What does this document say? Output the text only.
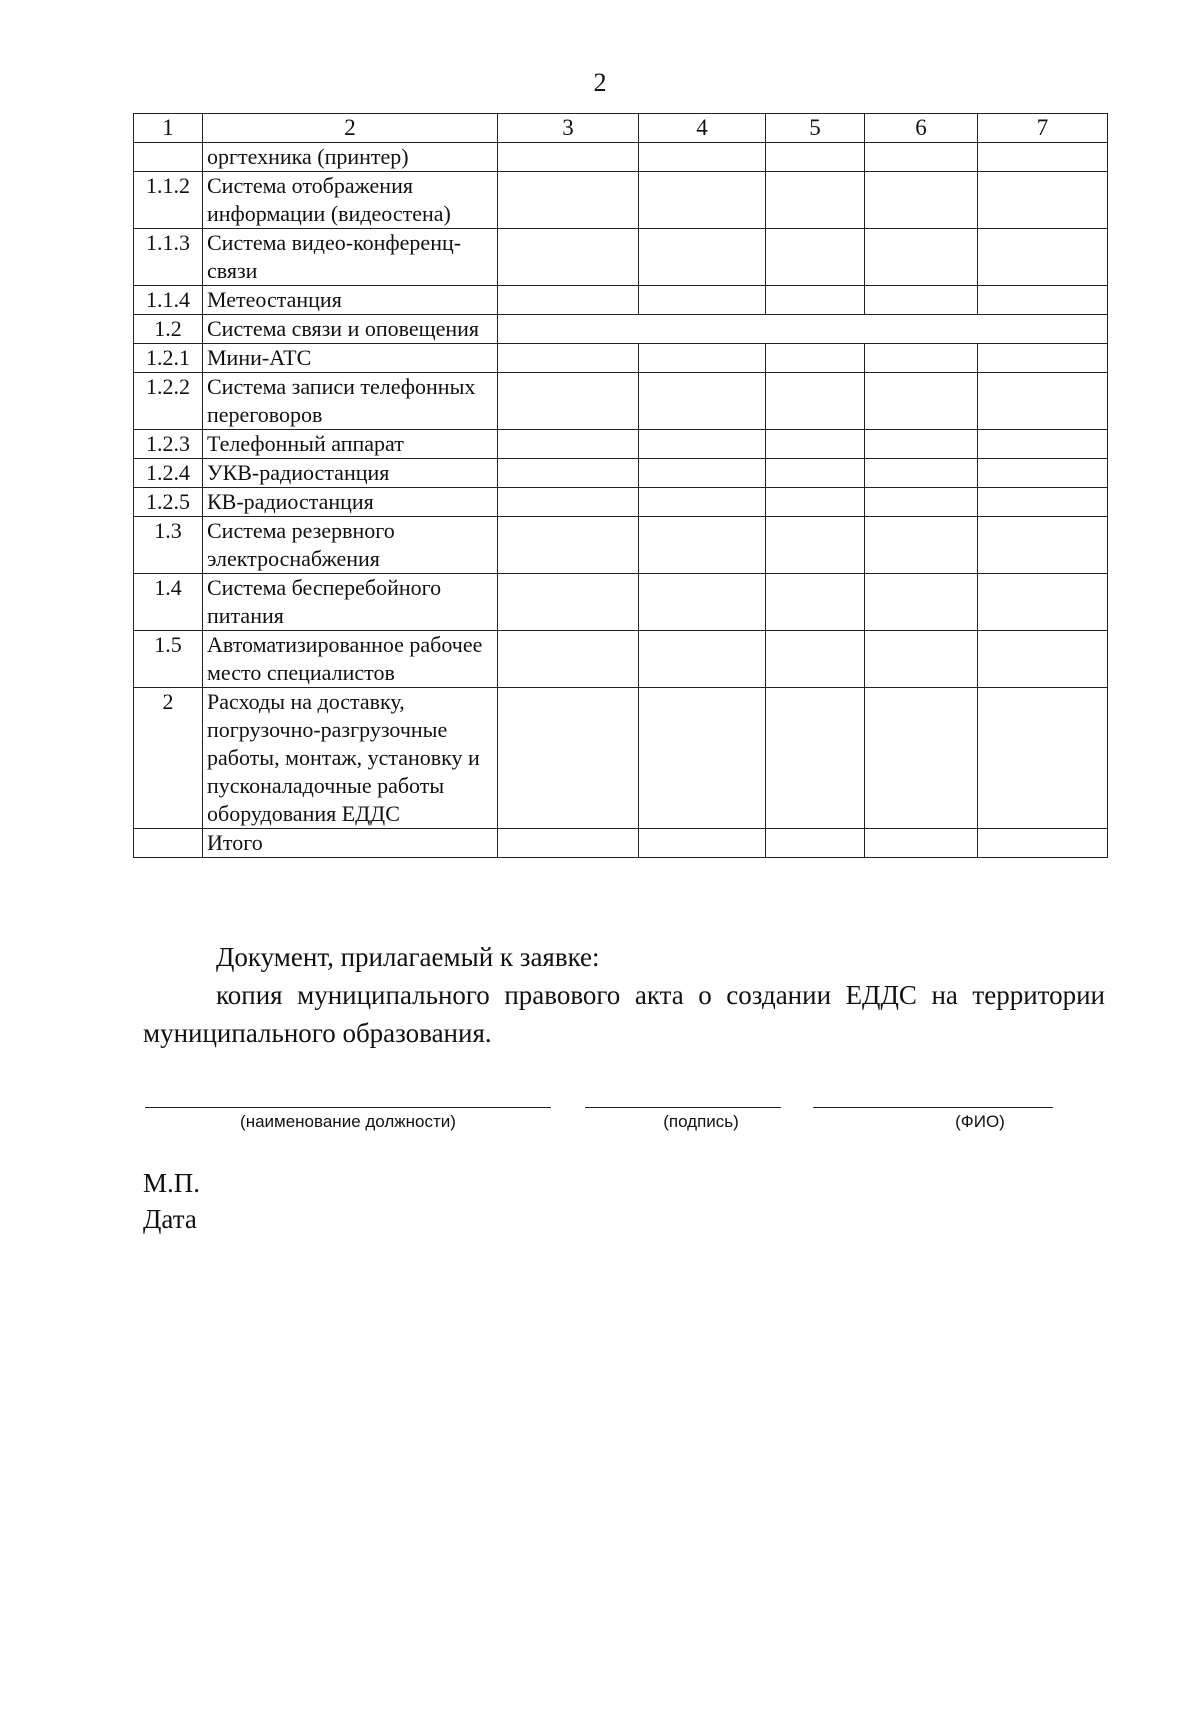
2
1	2	3	4	5	6	7
	оргтехника (принтер)					
1.1.2	Система отображения информации (видеостена)					
1.1.3	Система видео-конференц-связи					
1.1.4	Метеостанция					
1.2	Система связи и оповещения					
1.2.1	Мини-АТС					
1.2.2	Система записи телефонных переговоров					
1.2.3	Телефонный аппарат					
1.2.4	УКВ-радиостанция					
1.2.5	КВ-радиостанция					
1.3	Система резервного электроснабжения					
1.4	Система бесперебойного питания					
1.5	Автоматизированное рабочее место специалистов					
2	Расходы на доставку, погрузочно-разгрузочные работы, монтаж, установку и пусконаладочные работы оборудования ЕДДС					
	Итого					
Документ, прилагаемый к заявке:
копия муниципального правового акта о создании ЕДДС на территории муниципального образования.
(наименование должности)	(подпись)	(ФИО)
М.П.
Дата
